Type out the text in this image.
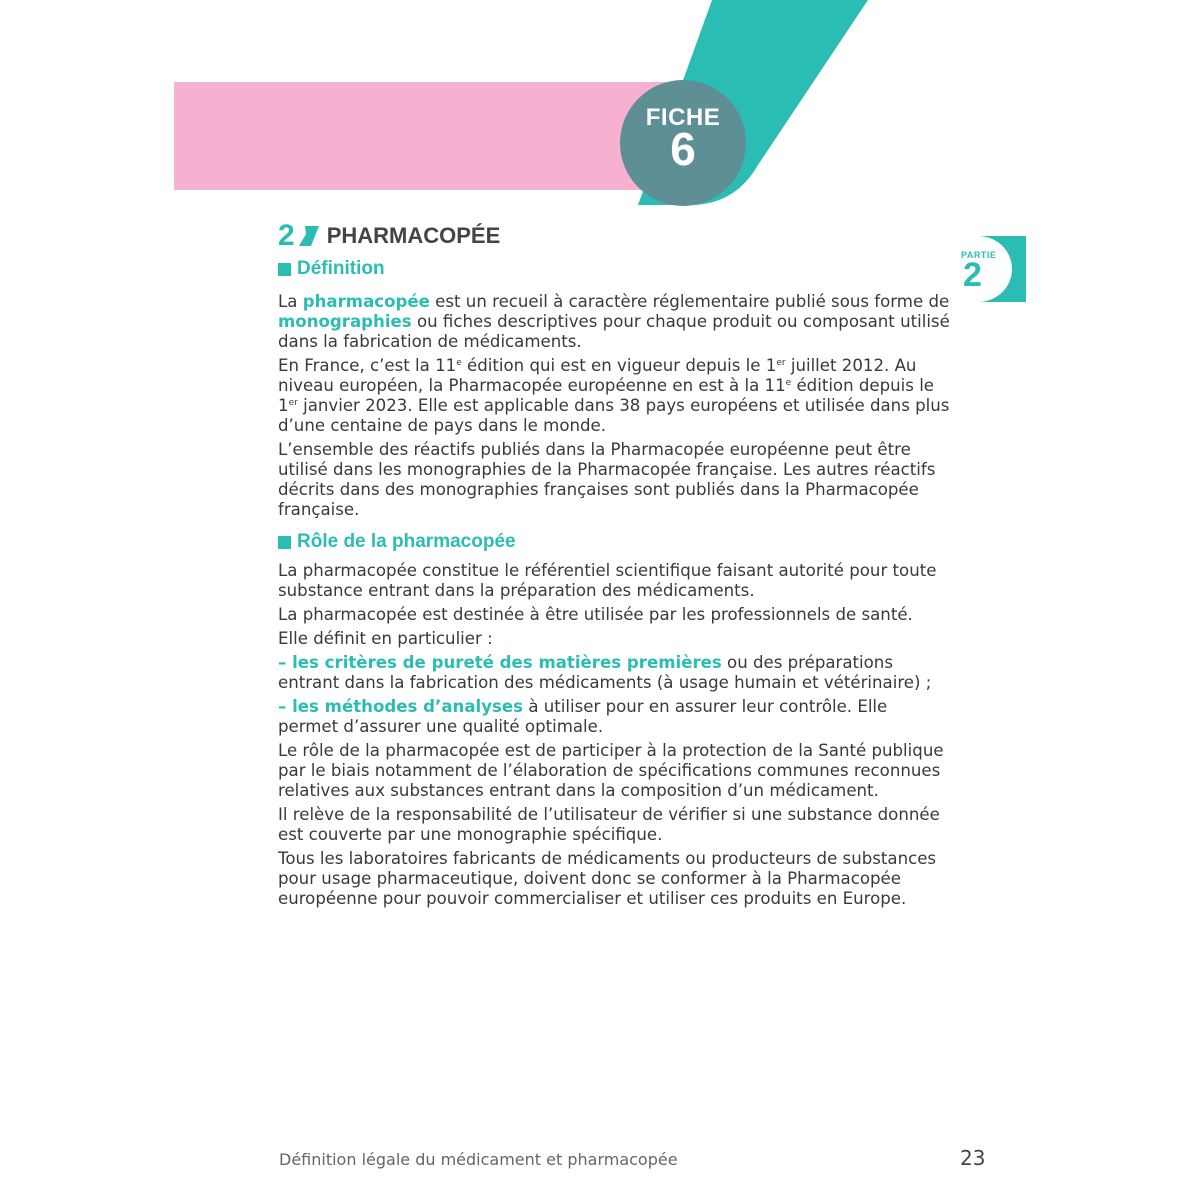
FICHE
6
PARTIE
2
2 PHARMACOPÉE
Définition

La pharmacopée est un recueil à caractère réglementaire publié sous forme de monographies ou fiches descriptives pour chaque produit ou composant utilisé dans la fabrication de médicaments.

En France, c’est la 11e édition qui est en vigueur depuis le 1er juillet 2012. Au niveau européen, la Pharmacopée européenne en est à la 11e édition depuis le 1er janvier 2023. Elle est applicable dans 38 pays européens et utilisée dans plus d’une centaine de pays dans le monde.

L’ensemble des réactifs publiés dans la Pharmacopée européenne peut être utilisé dans les monographies de la Pharmacopée française. Les autres réactifs décrits dans des monographies françaises sont publiés dans la Pharmacopée française.

Rôle de la pharmacopée

La pharmacopée constitue le référentiel scientifique faisant autorité pour toute substance entrant dans la préparation des médicaments.

La pharmacopée est destinée à être utilisée par les professionnels de santé.

Elle définit en particulier :

– les critères de pureté des matières premières ou des préparations entrant dans la fabrication des médicaments (à usage humain et vétérinaire) ;

– les méthodes d’analyses à utiliser pour en assurer leur contrôle. Elle permet d’assurer une qualité optimale.

Le rôle de la pharmacopée est de participer à la protection de la Santé publique par le biais notamment de l’élaboration de spécifications communes reconnues relatives aux substances entrant dans la composition d’un médicament.

Il relève de la responsabilité de l’utilisateur de vérifier si une substance donnée est couverte par une monographie spécifique.

Tous les laboratoires fabricants de médicaments ou producteurs de substances pour usage pharmaceutique, doivent donc se conformer à la Pharmacopée européenne pour pouvoir commercialiser et utiliser ces produits en Europe.

Définition légale du médicament et pharmacopée	23
